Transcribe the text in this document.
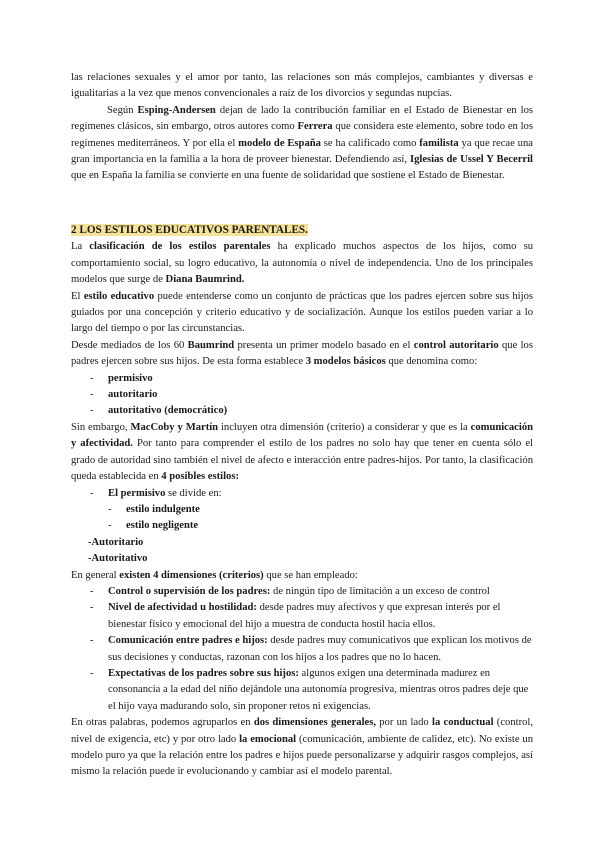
las relaciones sexuales y el amor por tanto, las relaciones son más complejos, cambiantes y diversas e igualitarias a la vez que menos convencionales a raíz de los divorcios y segundas nupcias.

Según Esping-Andersen dejan de lado la contribución familiar en el Estado de Bienestar en los regímenes clásicos, sin embargo, otros autores como Ferrera que considera este elemento, sobre todo en los regímenes mediterráneos. Y por ella el modelo de España se ha calificado como familista ya que recae una gran importancia en la familia a la hora de proveer bienestar. Defendiendo así, Iglesias de Ussel Y Becerril que en España la familia se convierte en una fuente de solidaridad que sostiene el Estado de Bienestar.

2 LOS ESTILOS EDUCATIVOS PARENTALES.

La clasificación de los estilos parentales ha explicado muchos aspectos de los hijos, como su comportamiento social, su logro educativo, la autonomía o nivel de independencia. Uno de los principales modelos que surge de Diana Baumrind.

El estilo educativo puede entenderse como un conjunto de prácticas que los padres ejercen sobre sus hijos guiados por una concepción y criterio educativo y de socialización. Aunque los estilos pueden variar a lo largo del tiempo o por las circunstancias.

Desde mediados de los 60 Baumrind presenta un primer modelo basado en el control autoritario que los padres ejercen sobre sus hijos. De esta forma establece 3 modelos básicos que denomina como:

- permisivo
- autoritario
- autoritativo (democrático)

Sin embargo, MacCoby y Martín incluyen otra dimensión (criterio) a considerar y que es la comunicación y afectividad. Por tanto para comprender el estilo de los padres no solo hay que tener en cuenta sólo el grado de autoridad sino también el nivel de afecto e interacción entre padres-hijos. Por tanto, la clasificación queda establecida en 4 posibles estilos:

- El permisivo se divide en:
- estilo indulgente
- estilo negligente

-Autoritario

-Autoritativo

En general existen 4 dimensiones (criterios) que se han empleado:

- Control o supervisión de los padres: de ningún tipo de limitación a un exceso de control
- Nivel de afectividad u hostilidad: desde padres muy afectivos y que expresan interés por el bienestar físico y emocional del hijo a muestra de conducta hostil hacia ellos.
- Comunicación entre padres e hijos: desde padres muy comunicativos que explican los motivos de sus decisiones y conductas, razonan con los hijos a los padres que no lo hacen.
- Expectativas de los padres sobre sus hijos: algunos exigen una determinada madurez en consonancia a la edad del niño dejándole una autonomía progresiva, mientras otros padres deje que el hijo vaya madurando solo, sin proponer retos ni exigencias.

En otras palabras, podemos agruparlos en dos dimensiones generales, por un lado la conductual (control, nivel de exigencia, etc) y por otro lado la emocional (comunicación, ambiente de calidez, etc). No existe un modelo puro ya que la relación entre los padres e hijos puede personalizarse y adquirir rasgos complejos, así mismo la relación puede ir evolucionando y cambiar así el modelo parental.
